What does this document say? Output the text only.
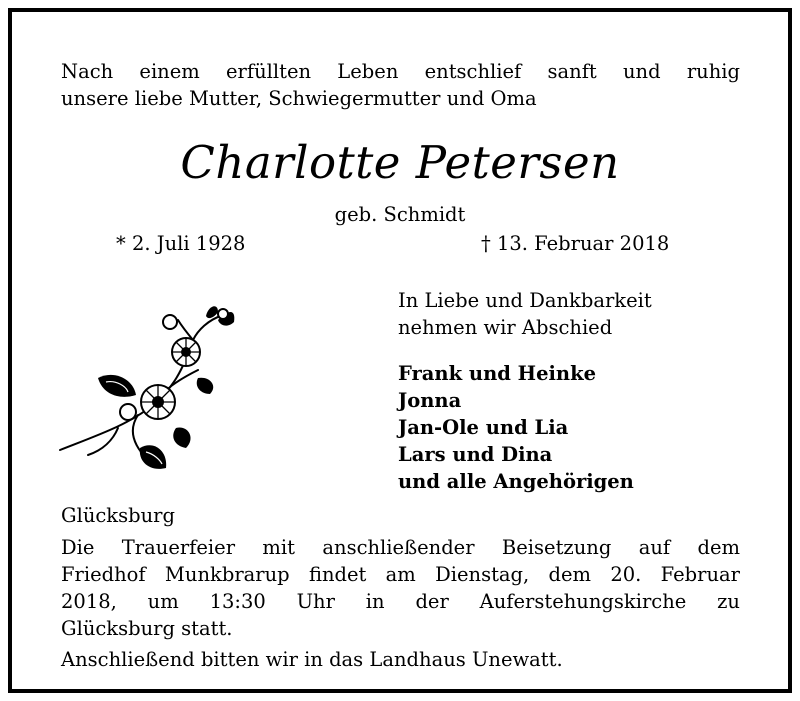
Nach einem erfüllten Leben entschlief sanft und ruhig
unsere liebe Mutter, Schwiegermutter und Oma
Charlotte Petersen
geb. Schmidt
* 2. Juli 1928	† 13. Februar 2018
In Liebe und Dankbarkeit
nehmen wir Abschied
Frank und Heinke
Jonna
Jan-Ole und Lia
Lars und Dina
und alle Angehörigen
Glücksburg
Die Trauerfeier mit anschließender Beisetzung auf dem
Friedhof Munkbrarup findet am Dienstag, dem 20. Februar
2018, um 13:30 Uhr in der Auferstehungskirche zu
Glücksburg statt.
Anschließend bitten wir in das Landhaus Unewatt.
